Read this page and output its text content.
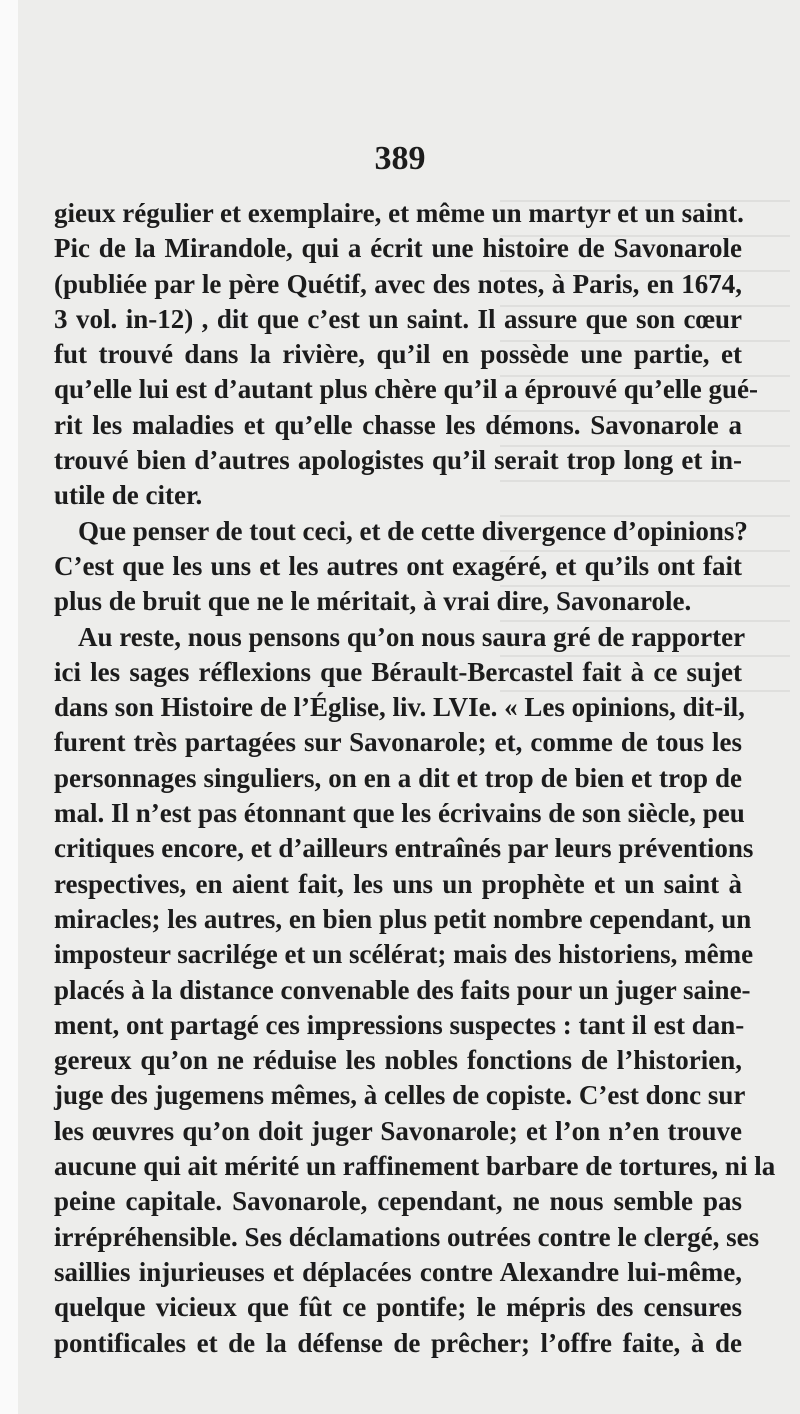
389
gieux régulier et exemplaire, et même un martyr et un saint.
Pic de la Mirandole, qui a écrit une histoire de Savonarole
(publiée par le père Quétif, avec des notes, à Paris, en 1674,
3 vol. in-12) , dit que c’est un saint. Il assure que son cœur
fut trouvé dans la rivière, qu’il en possède une partie, et
qu’elle lui est d’autant plus chère qu’il a éprouvé qu’elle gué-
rit les maladies et qu’elle chasse les démons. Savonarole a
trouvé bien d’autres apologistes qu’il serait trop long et in-
utile de citer.
Que penser de tout ceci, et de cette divergence d’opinions?
C’est que les uns et les autres ont exagéré, et qu’ils ont fait
plus de bruit que ne le méritait, à vrai dire, Savonarole.
Au reste, nous pensons qu’on nous saura gré de rapporter
ici les sages réflexions que Bérault-Bercastel fait à ce sujet
dans son Histoire de l’Église, liv. LVIe. « Les opinions, dit-il,
furent très partagées sur Savonarole; et, comme de tous les
personnages singuliers, on en a dit et trop de bien et trop de
mal. Il n’est pas étonnant que les écrivains de son siècle, peu
critiques encore, et d’ailleurs entraînés par leurs préventions
respectives, en aient fait, les uns un prophète et un saint à
miracles; les autres, en bien plus petit nombre cependant, un
imposteur sacrilége et un scélérat; mais des historiens, même
placés à la distance convenable des faits pour un juger saine-
ment, ont partagé ces impressions suspectes : tant il est dan-
gereux qu’on ne réduise les nobles fonctions de l’historien,
juge des jugemens mêmes, à celles de copiste. C’est donc sur
les œuvres qu’on doit juger Savonarole; et l’on n’en trouve
aucune qui ait mérité un raffinement barbare de tortures, ni la
peine capitale. Savonarole, cependant, ne nous semble pas
irrépréhensible. Ses déclamations outrées contre le clergé, ses
saillies injurieuses et déplacées contre Alexandre lui-même,
quelque vicieux que fût ce pontife; le mépris des censures
pontificales et de la défense de prêcher; l’offre faite, à de
